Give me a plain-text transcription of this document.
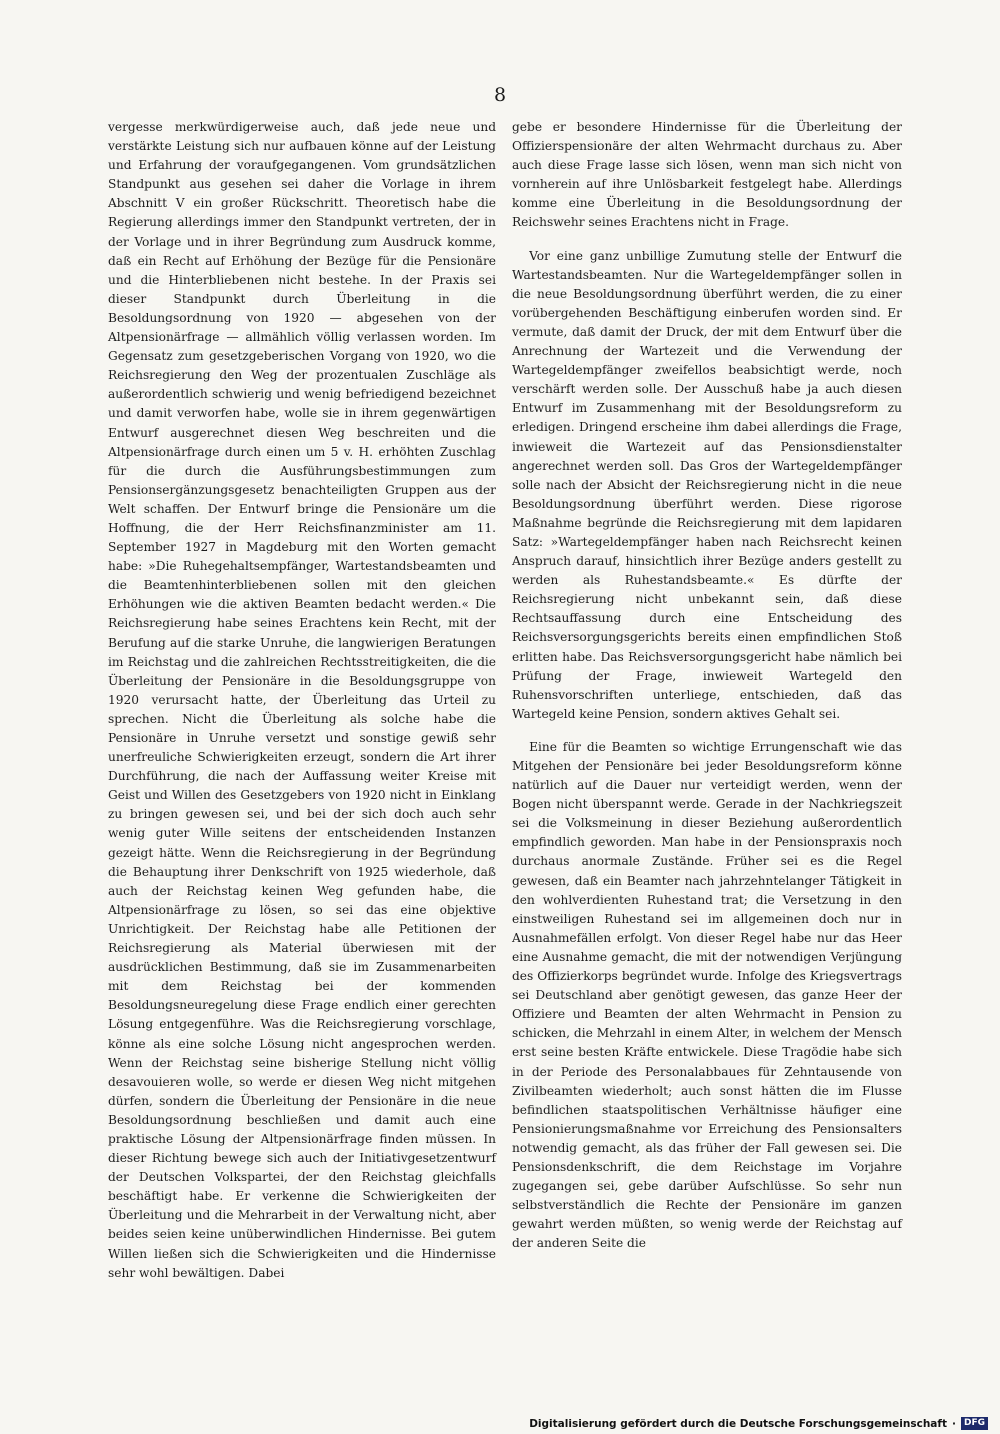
8

vergesse merkwürdigerweise auch, daß jede neue und verstärkte Leistung sich nur aufbauen könne auf der Leistung und Erfahrung der voraufgegangenen. Vom grundsätzlichen Standpunkt aus gesehen sei daher die Vorlage in ihrem Abschnitt V ein großer Rückschritt. Theoretisch habe die Regierung allerdings immer den Standpunkt vertreten, der in der Vorlage und in ihrer Begründung zum Ausdruck komme, daß ein Recht auf Erhöhung der Bezüge für die Pensionäre und die Hinterbliebenen nicht bestehe. In der Praxis sei dieser Standpunkt durch Überleitung in die Besoldungsordnung von 1920 — abgesehen von der Altpensionärfrage — allmählich völlig verlassen worden. Im Gegensatz zum gesetzgeberischen Vorgang von 1920, wo die Reichsregierung den Weg der prozentualen Zuschläge als außerordentlich schwierig und wenig befriedigend bezeichnet und damit verworfen habe, wolle sie in ihrem gegenwärtigen Entwurf ausgerechnet diesen Weg beschreiten und die Altpensionärfrage durch einen um 5 v. H. erhöhten Zuschlag für die durch die Ausführungsbestimmungen zum Pensionsergänzungsgesetz benachteiligten Gruppen aus der Welt schaffen. Der Entwurf bringe die Pensionäre um die Hoffnung, die der Herr Reichsfinanzminister am 11. September 1927 in Magdeburg mit den Worten gemacht habe: »Die Ruhegehaltsempfänger, Wartestandsbeamten und die Beamtenhinterbliebenen sollen mit den gleichen Erhöhungen wie die aktiven Beamten bedacht werden.« Die Reichsregierung habe seines Erachtens kein Recht, mit der Berufung auf die starke Unruhe, die langwierigen Beratungen im Reichstag und die zahlreichen Rechtsstreitigkeiten, die die Überleitung der Pensionäre in die Besoldungsgruppe von 1920 verursacht hatte, der Überleitung das Urteil zu sprechen. Nicht die Überleitung als solche habe die Pensionäre in Unruhe versetzt und sonstige gewiß sehr unerfreuliche Schwierigkeiten erzeugt, sondern die Art ihrer Durchführung, die nach der Auffassung weiter Kreise mit Geist und Willen des Gesetzgebers von 1920 nicht in Einklang zu bringen gewesen sei, und bei der sich doch auch sehr wenig guter Wille seitens der entscheidenden Instanzen gezeigt hätte. Wenn die Reichsregierung in der Begründung die Behauptung ihrer Denkschrift von 1925 wiederhole, daß auch der Reichstag keinen Weg gefunden habe, die Altpensionärfrage zu lösen, so sei das eine objektive Unrichtigkeit. Der Reichstag habe alle Petitionen der Reichsregierung als Material überwiesen mit der ausdrücklichen Bestimmung, daß sie im Zusammenarbeiten mit dem Reichstag bei der kommenden Besoldungsneuregelung diese Frage endlich einer gerechten Lösung entgegenführe. Was die Reichsregierung vorschlage, könne als eine solche Lösung nicht angesprochen werden. Wenn der Reichstag seine bisherige Stellung nicht völlig desavouieren wolle, so werde er diesen Weg nicht mitgehen dürfen, sondern die Überleitung der Pensionäre in die neue Besoldungsordnung beschließen und damit auch eine praktische Lösung der Altpensionärfrage finden müssen. In dieser Richtung bewege sich auch der Initiativgesetzentwurf der Deutschen Volkspartei, der den Reichstag gleichfalls beschäftigt habe. Er verkenne die Schwierigkeiten der Überleitung und die Mehrarbeit in der Verwaltung nicht, aber beides seien keine unüberwindlichen Hindernisse. Bei gutem Willen ließen sich die Schwierigkeiten und die Hindernisse sehr wohl bewältigen. Dabei

gebe er besondere Hindernisse für die Überleitung der Offizierspensionäre der alten Wehrmacht durchaus zu. Aber auch diese Frage lasse sich lösen, wenn man sich nicht von vornherein auf ihre Unlösbarkeit festgelegt habe. Allerdings komme eine Überleitung in die Besoldungsordnung der Reichswehr seines Erachtens nicht in Frage.

Vor eine ganz unbillige Zumutung stelle der Entwurf die Wartestandsbeamten. Nur die Wartegeldempfänger sollen in die neue Besoldungsordnung überführt werden, die zu einer vorübergehenden Beschäftigung einberufen worden sind. Er vermute, daß damit der Druck, der mit dem Entwurf über die Anrechnung der Wartezeit und die Verwendung der Wartegeldempfänger zweifellos beabsichtigt werde, noch verschärft werden solle. Der Ausschuß habe ja auch diesen Entwurf im Zusammenhang mit der Besoldungsreform zu erledigen. Dringend erscheine ihm dabei allerdings die Frage, inwieweit die Wartezeit auf das Pensionsdienstalter angerechnet werden soll. Das Gros der Wartegeldempfänger solle nach der Absicht der Reichsregierung nicht in die neue Besoldungsordnung überführt werden. Diese rigorose Maßnahme begründe die Reichsregierung mit dem lapidaren Satz: »Wartegeldempfänger haben nach Reichsrecht keinen Anspruch darauf, hinsichtlich ihrer Bezüge anders gestellt zu werden als Ruhestandsbeamte.« Es dürfte der Reichsregierung nicht unbekannt sein, daß diese Rechtsauffassung durch eine Entscheidung des Reichsversorgungsgerichts bereits einen empfindlichen Stoß erlitten habe. Das Reichsversorgungsgericht habe nämlich bei Prüfung der Frage, inwieweit Wartegeld den Ruhensvorschriften unterliege, entschieden, daß das Wartegeld keine Pension, sondern aktives Gehalt sei.

Eine für die Beamten so wichtige Errungenschaft wie das Mitgehen der Pensionäre bei jeder Besoldungsreform könne natürlich auf die Dauer nur verteidigt werden, wenn der Bogen nicht überspannt werde. Gerade in der Nachkriegszeit sei die Volksmeinung in dieser Beziehung außerordentlich empfindlich geworden. Man habe in der Pensionspraxis noch durchaus anormale Zustände. Früher sei es die Regel gewesen, daß ein Beamter nach jahrzehntelanger Tätigkeit in den wohlverdienten Ruhestand trat; die Versetzung in den einstweiligen Ruhestand sei im allgemeinen doch nur in Ausnahmefällen erfolgt. Von dieser Regel habe nur das Heer eine Ausnahme gemacht, die mit der notwendigen Verjüngung des Offizierkorps begründet wurde. Infolge des Kriegsvertrags sei Deutschland aber genötigt gewesen, das ganze Heer der Offiziere und Beamten der alten Wehrmacht in Pension zu schicken, die Mehrzahl in einem Alter, in welchem der Mensch erst seine besten Kräfte entwickele. Diese Tragödie habe sich in der Periode des Personalabbaues für Zehntausende von Zivilbeamten wiederholt; auch sonst hätten die im Flusse befindlichen staatspolitischen Verhältnisse häufiger eine Pensionierungsmaßnahme vor Erreichung des Pensionsalters notwendig gemacht, als das früher der Fall gewesen sei. Die Pensionsdenkschrift, die dem Reichstage im Vorjahre zugegangen sei, gebe darüber Aufschlüsse. So sehr nun selbstverständlich die Rechte der Pensionäre im ganzen gewahrt werden müßten, so wenig werde der Reichstag auf der anderen Seite die

Digitalisierung gefördert durch die Deutsche Forschungsgemeinschaft · DFG
